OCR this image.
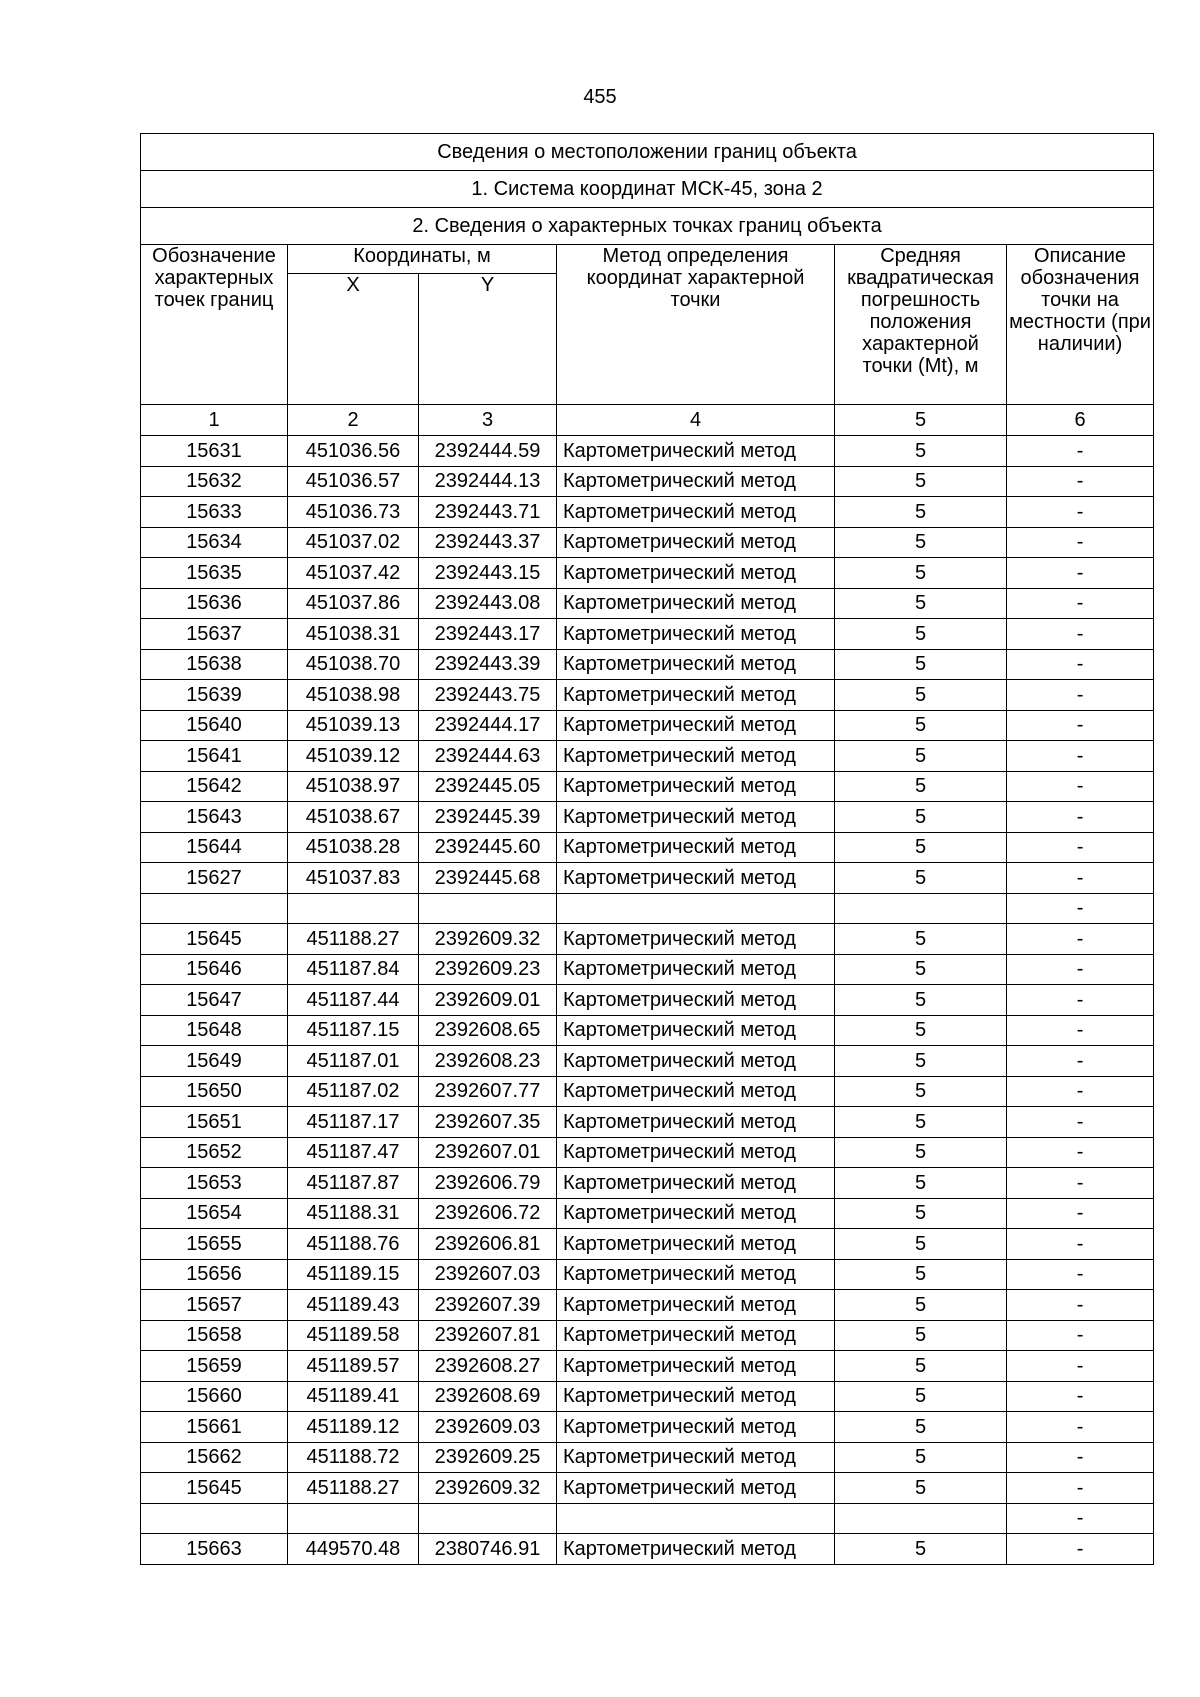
455
Сведения о местоположении границ объекта					
1. Система координат МСК-45, зона 2					
2. Сведения о характерных точках границ объекта					
Обозначение характерных точек границ	Координаты, м		Метод определения координат характерной точки	Средняя квадратическая погрешность положения характерной точки (Mt), м	Описание обозначения точки на местности (при наличии)
	X	Y			
1	2	3	4	5	6
15631	451036.56	2392444.59	Картометрический метод	5	-
15632	451036.57	2392444.13	Картометрический метод	5	-
15633	451036.73	2392443.71	Картометрический метод	5	-
15634	451037.02	2392443.37	Картометрический метод	5	-
15635	451037.42	2392443.15	Картометрический метод	5	-
15636	451037.86	2392443.08	Картометрический метод	5	-
15637	451038.31	2392443.17	Картометрический метод	5	-
15638	451038.70	2392443.39	Картометрический метод	5	-
15639	451038.98	2392443.75	Картометрический метод	5	-
15640	451039.13	2392444.17	Картометрический метод	5	-
15641	451039.12	2392444.63	Картометрический метод	5	-
15642	451038.97	2392445.05	Картометрический метод	5	-
15643	451038.67	2392445.39	Картометрический метод	5	-
15644	451038.28	2392445.60	Картометрический метод	5	-
15627	451037.83	2392445.68	Картометрический метод	5	-
					-
15645	451188.27	2392609.32	Картометрический метод	5	-
15646	451187.84	2392609.23	Картометрический метод	5	-
15647	451187.44	2392609.01	Картометрический метод	5	-
15648	451187.15	2392608.65	Картометрический метод	5	-
15649	451187.01	2392608.23	Картометрический метод	5	-
15650	451187.02	2392607.77	Картометрический метод	5	-
15651	451187.17	2392607.35	Картометрический метод	5	-
15652	451187.47	2392607.01	Картометрический метод	5	-
15653	451187.87	2392606.79	Картометрический метод	5	-
15654	451188.31	2392606.72	Картометрический метод	5	-
15655	451188.76	2392606.81	Картометрический метод	5	-
15656	451189.15	2392607.03	Картометрический метод	5	-
15657	451189.43	2392607.39	Картометрический метод	5	-
15658	451189.58	2392607.81	Картометрический метод	5	-
15659	451189.57	2392608.27	Картометрический метод	5	-
15660	451189.41	2392608.69	Картометрический метод	5	-
15661	451189.12	2392609.03	Картометрический метод	5	-
15662	451188.72	2392609.25	Картометрический метод	5	-
15645	451188.27	2392609.32	Картометрический метод	5	-
					-
15663	449570.48	2380746.91	Картометрический метод	5	-
